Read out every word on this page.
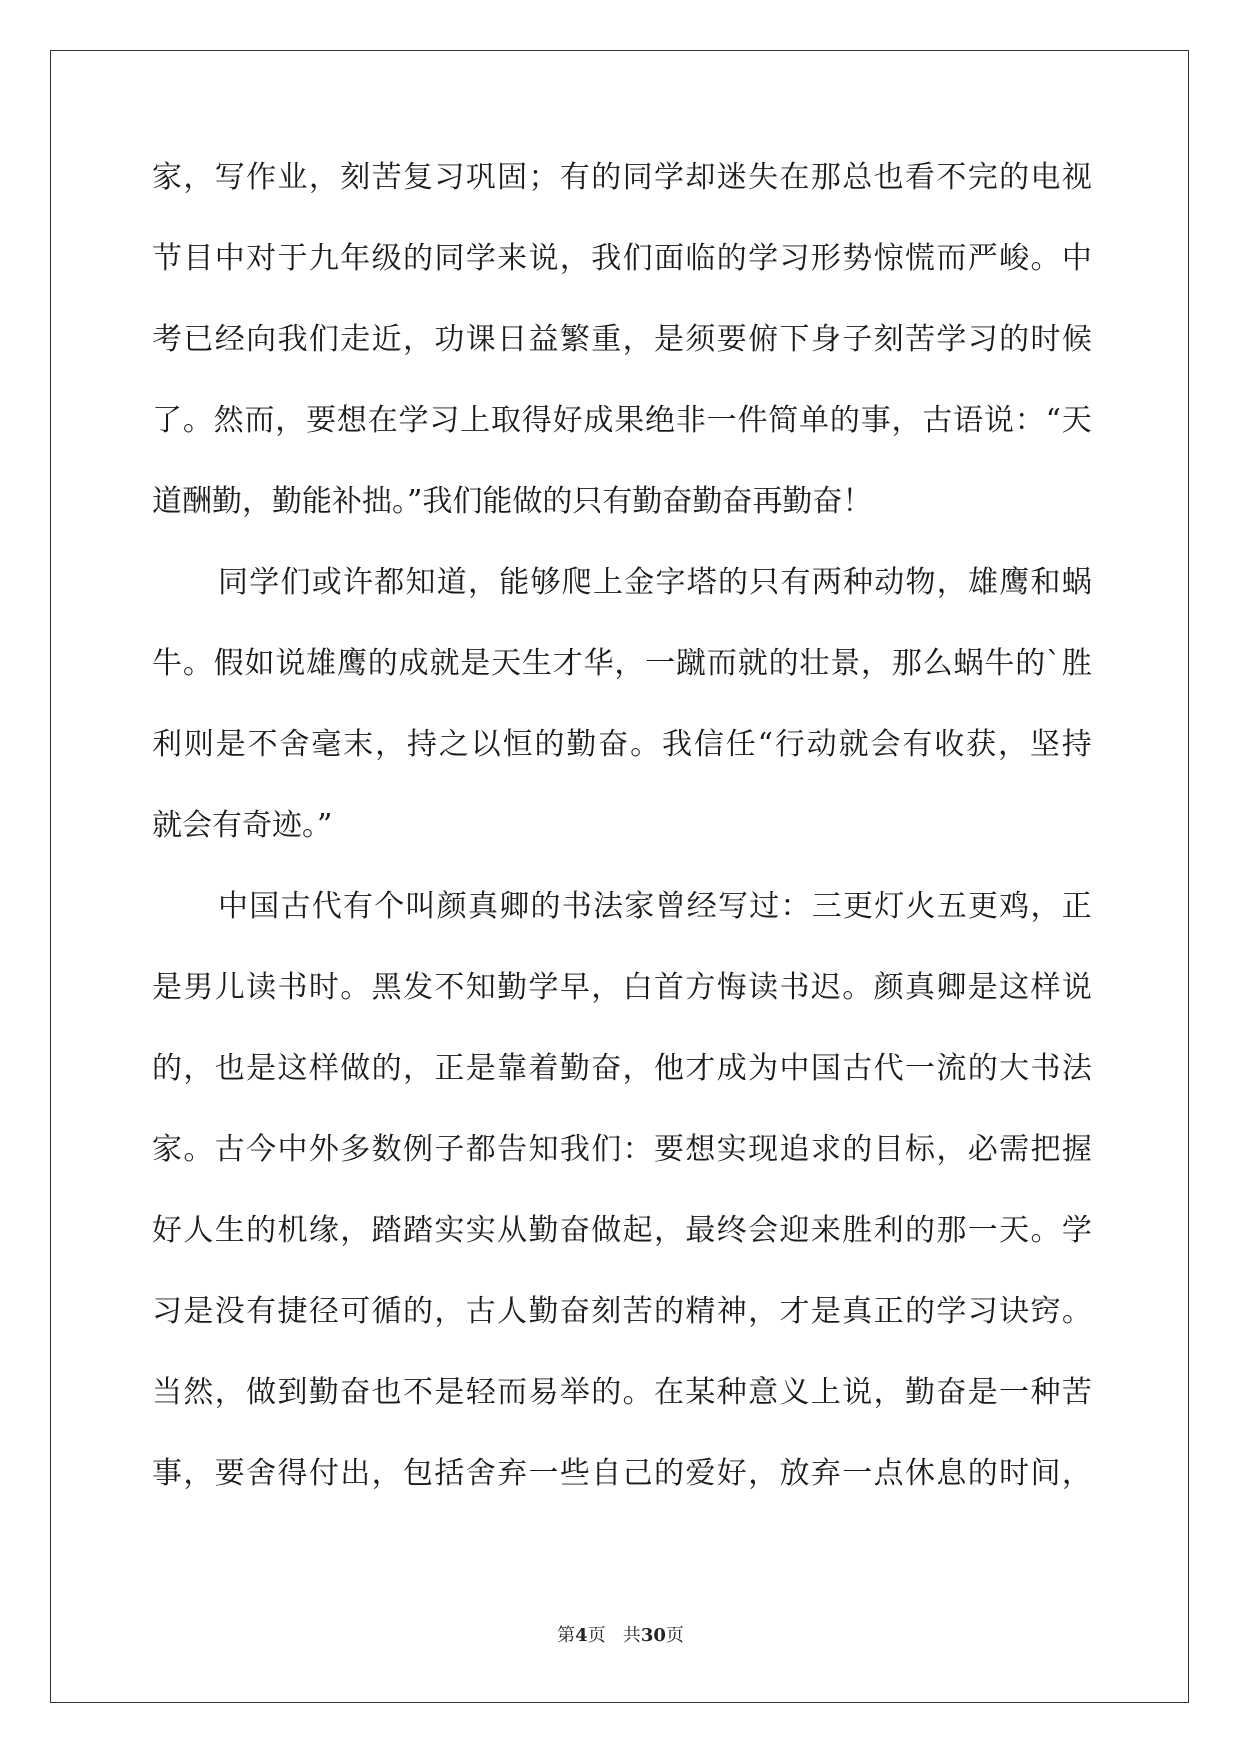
家 ， 写 作 业 ， 刻 苦 复 习 巩 固 ； 有 的 同 学 却 迷 失 在 那 总 也 看 不 完 的 电 视
节 目 中 对 于 九 年 级 的 同 学 来 说 ， 我 们 面 临 的 学 习 形 势 惊 慌 而 严 峻 。 中
考 已 经 向 我 们 走 近 ， 功 课 日 益 繁 重 ， 是 须 要 俯 下 身 子 刻 苦 学 习 的 时 候
了 。 然 而 ， 要 想 在 学 习 上 取 得 好 成 果 绝 非 一 件 简 单 的 事 ， 古 语 说 ： “ 天
道酬勤，勤能补拙。”我们能做的只有勤奋勤奋再勤奋！
同 学 们 或 许 都 知 道 ， 能 够 爬 上 金 字 塔 的 只 有 两 种 动 物 ， 雄 鹰 和 蜗
牛 。 假 如 说 雄 鹰 的 成 就 是 天 生 才 华 ， 一 蹴 而 就 的 壮 景 ， 那 么 蜗 牛 的 ` 胜
利 则 是 不 舍 毫 末 ， 持 之 以 恒 的 勤 奋 。 我 信 任 “ 行 动 就 会 有 收 获 ， 坚 持
就会有奇迹。”
中 国 古 代 有 个 叫 颜 真 卿 的 书 法 家 曾 经 写 过 ： 三 更 灯 火 五 更 鸡 ， 正
是 男 儿 读 书 时 。 黑 发 不 知 勤 学 早 ， 白 首 方 悔 读 书 迟 。 颜 真 卿 是 这 样 说
的 ， 也 是 这 样 做 的 ， 正 是 靠 着 勤 奋 ， 他 才 成 为 中 国 古 代 一 流 的 大 书 法
家 。 古 今 中 外 多 数 例 子 都 告 知 我 们 ： 要 想 实 现 追 求 的 目 标 ， 必 需 把 握
好 人 生 的 机 缘 ， 踏 踏 实 实 从 勤 奋 做 起 ， 最 终 会 迎 来 胜 利 的 那 一 天 。 学
习 是 没 有 捷 径 可 循 的 ， 古 人 勤 奋 刻 苦 的 精 神 ， 才 是 真 正 的 学 习 诀 窍 。
当 然 ， 做 到 勤 奋 也 不 是 轻 而 易 举 的 。 在 某 种 意 义 上 说 ， 勤 奋 是 一 种 苦
事 ， 要 舍 得 付 出 ， 包 括 舍 弃 一 些 自 己 的 爱 好 ， 放 弃 一 点 休 息 的 时 间 ，
第4页 共30页
